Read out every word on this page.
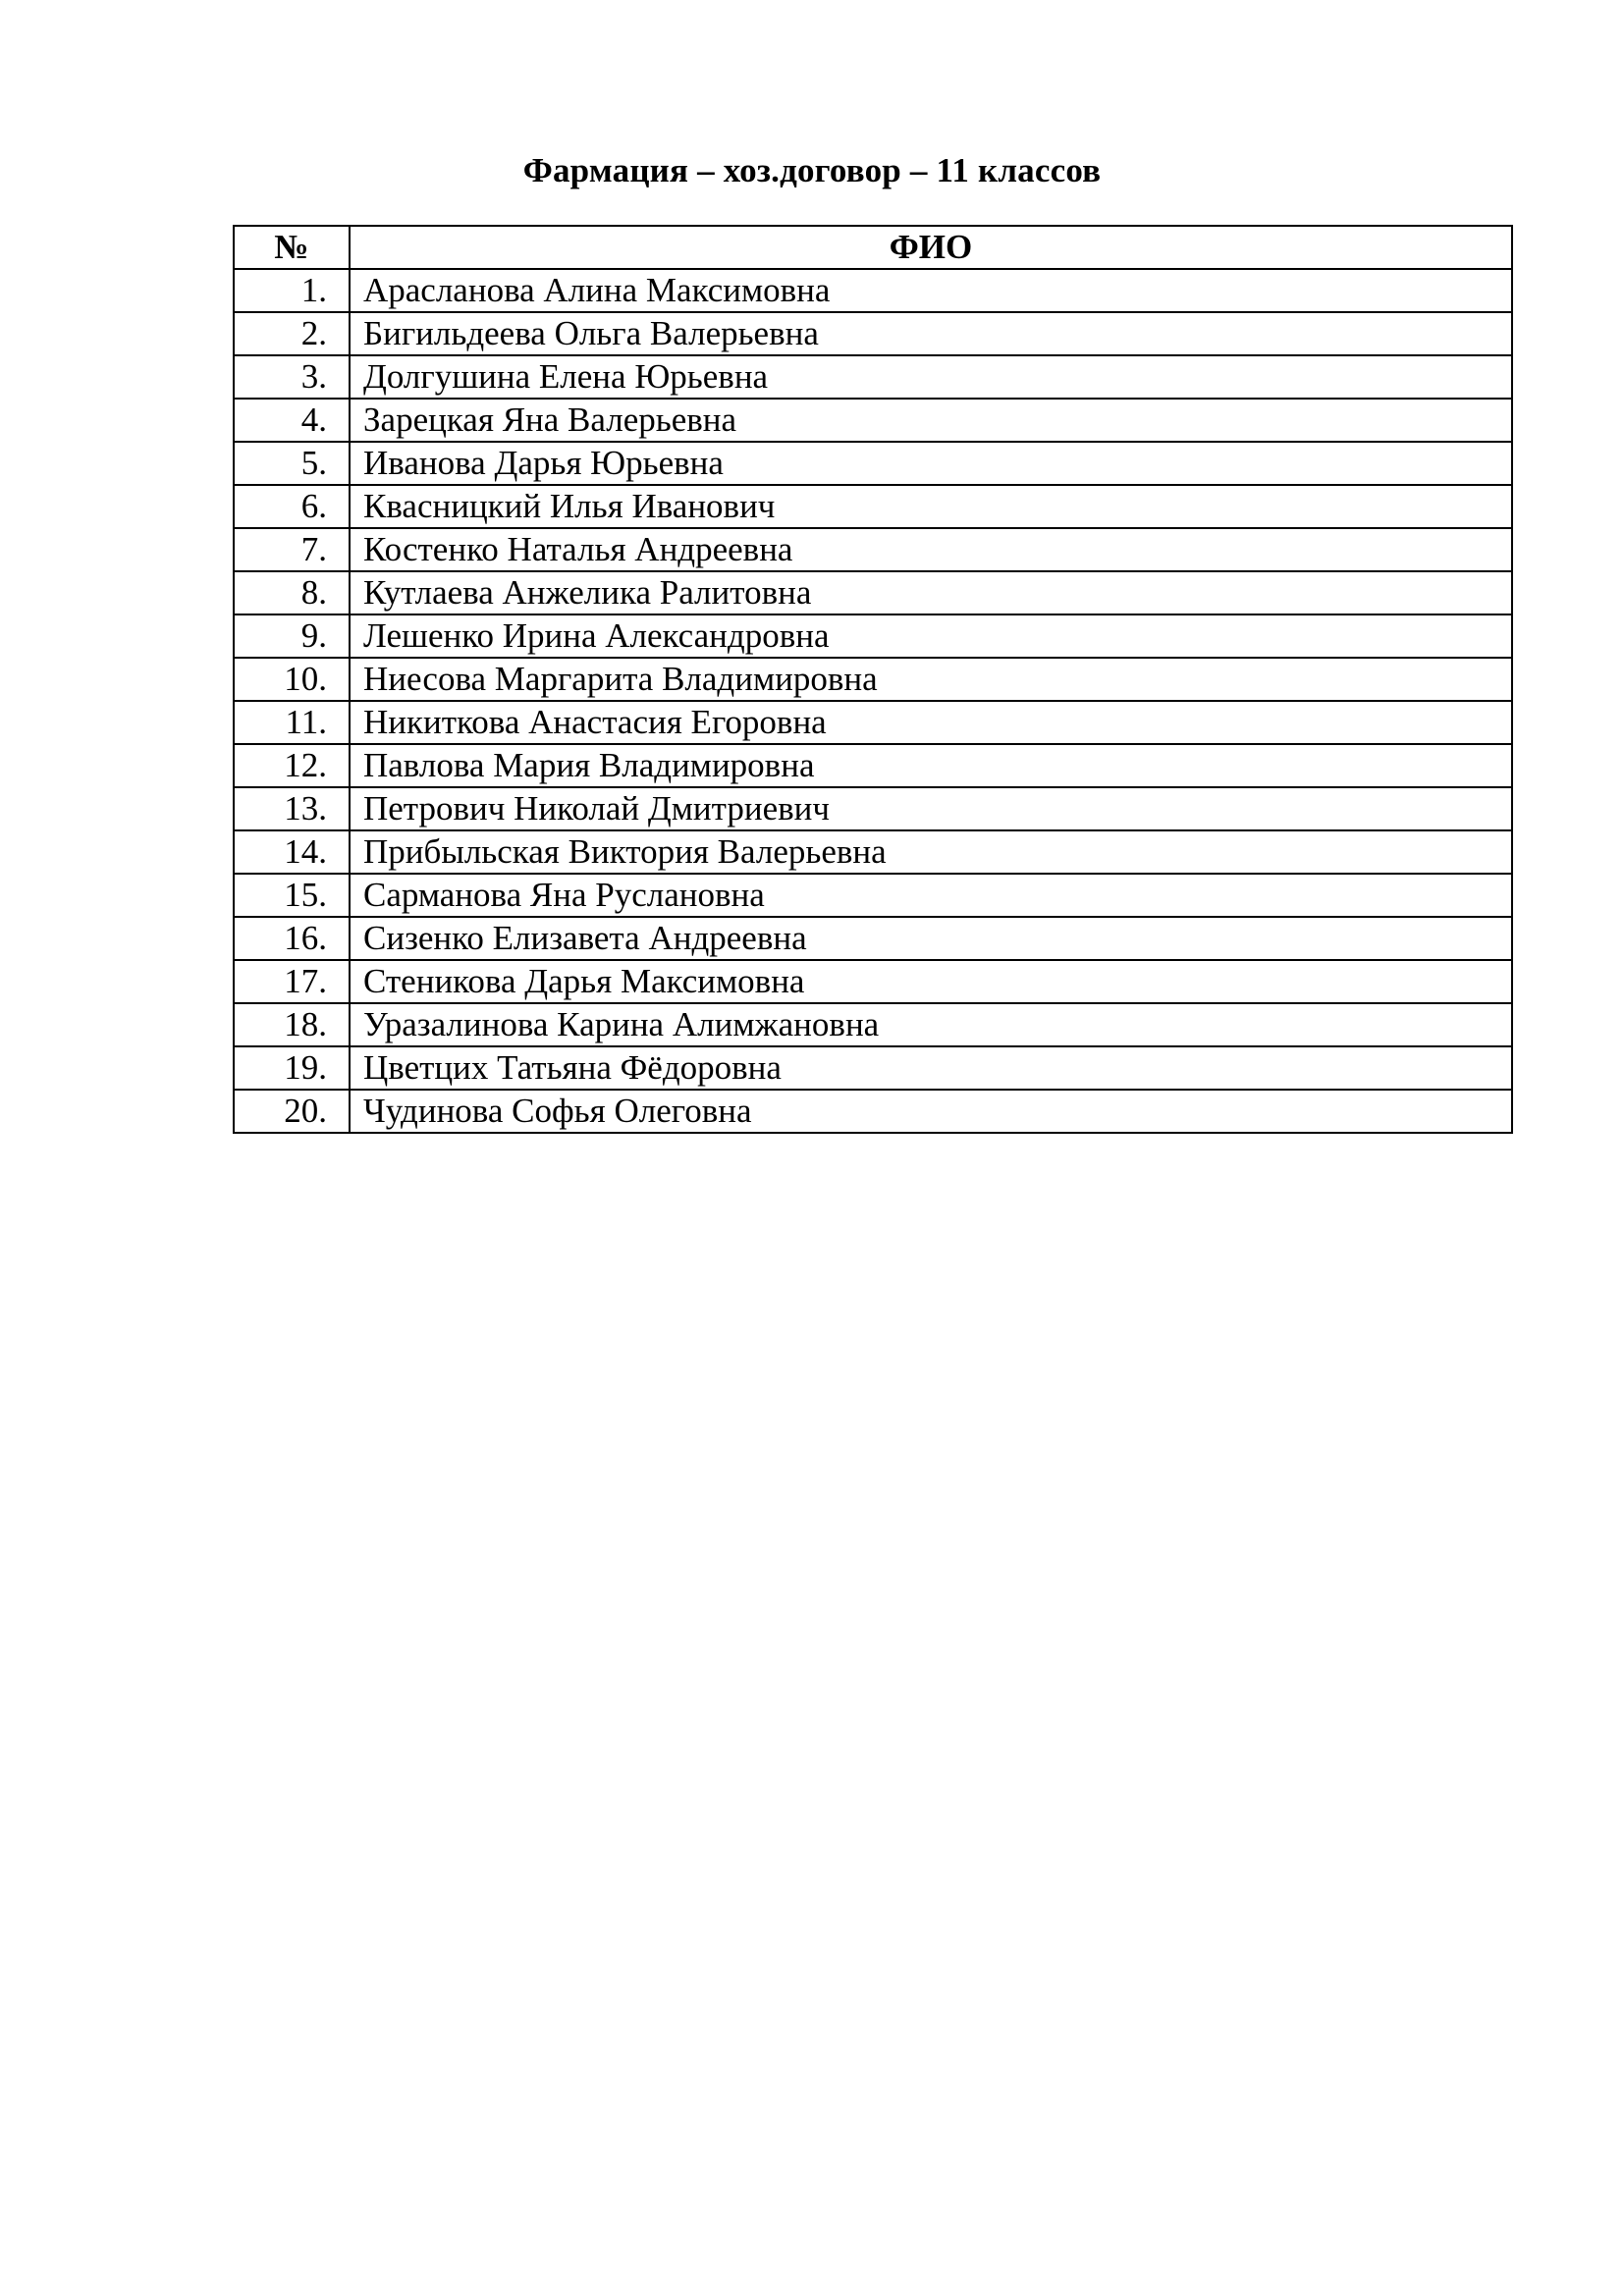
Фармация – хоз.договор – 11 классов
№	ФИО
1.	Арасланова Алина Максимовна
2.	Бигильдеева Ольга Валерьевна
3.	Долгушина Елена Юрьевна
4.	Зарецкая Яна Валерьевна
5.	Иванова Дарья Юрьевна
6.	Квасницкий Илья Иванович
7.	Костенко Наталья Андреевна
8.	Кутлаева Анжелика Ралитовна
9.	Лешенко Ирина Александровна
10.	Ниесова Маргарита Владимировна
11.	Никиткова Анастасия Егоровна
12.	Павлова Мария Владимировна
13.	Петрович Николай Дмитриевич
14.	Прибыльская Виктория Валерьевна
15.	Сарманова Яна Руслановна
16.	Сизенко Елизавета Андреевна
17.	Стеникова Дарья Максимовна
18.	Уразалинова Карина Алимжановна
19.	Цветцих Татьяна Фёдоровна
20.	Чудинова Софья Олеговна
